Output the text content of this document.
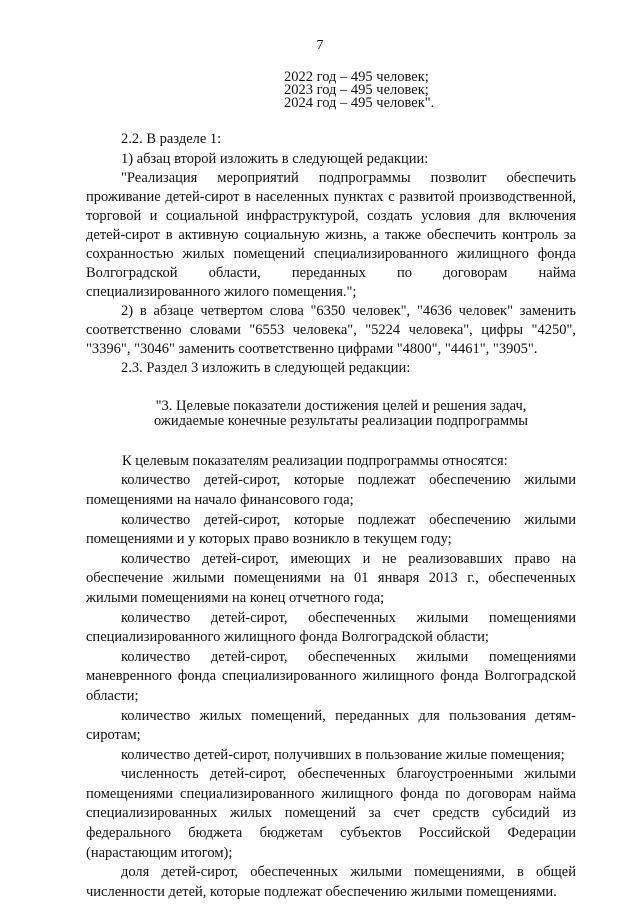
7
2022 год – 495 человек;
2023 год – 495 человек;
2024 год – 495 человек".

2.2. В разделе 1:

1) абзац второй изложить в следующей редакции:

"Реализация мероприятий подпрограммы позволит обеспечить проживание детей-сирот в населенных пунктах с развитой производственной, торговой и социальной инфраструктурой, создать условия для включения детей-сирот в активную социальную жизнь, а также обеспечить контроль за сохранностью жилых помещений специализированного жилищного фонда Волгоградской области, переданных по договорам найма специализированного жилого помещения.";

2) в абзаце четвертом слова "6350 человек", "4636 человек" заменить соответственно словами "6553 человека", "5224 человека", цифры "4250", "3396", "3046" заменить соответственно цифрами "4800", "4461", "3905".

2.3. Раздел 3 изложить в следующей редакции:

"3. Целевые показатели достижения целей и решения задач,
ожидаемые конечные результаты реализации подпрограммы

К целевым показателям реализации подпрограммы относятся:

количество детей-сирот, которые подлежат обеспечению жилыми помещениями на начало финансового года;

количество детей-сирот, которые подлежат обеспечению жилыми помещениями и у которых право возникло в текущем году;

количество детей-сирот, имеющих и не реализовавших право на обеспечение жилыми помещениями на 01 января 2013 г., обеспеченных жилыми помещениями на конец отчетного года;

количество детей-сирот, обеспеченных жилыми помещениями специализированного жилищного фонда Волгоградской области;

количество детей-сирот, обеспеченных жилыми помещениями маневренного фонда специализированного жилищного фонда Волгоградской области;

количество жилых помещений, переданных для пользования детям-сиротам;

количество детей-сирот, получивших в пользование жилые помещения;

численность детей-сирот, обеспеченных благоустроенными жилыми помещениями специализированного жилищного фонда по договорам найма специализированных жилых помещений за счет средств субсидий из федерального бюджета бюджетам субъектов Российской Федерации (нарастающим итогом);

доля детей-сирот, обеспеченных жилыми помещениями, в общей численности детей, которые подлежат обеспечению жилыми помещениями.
